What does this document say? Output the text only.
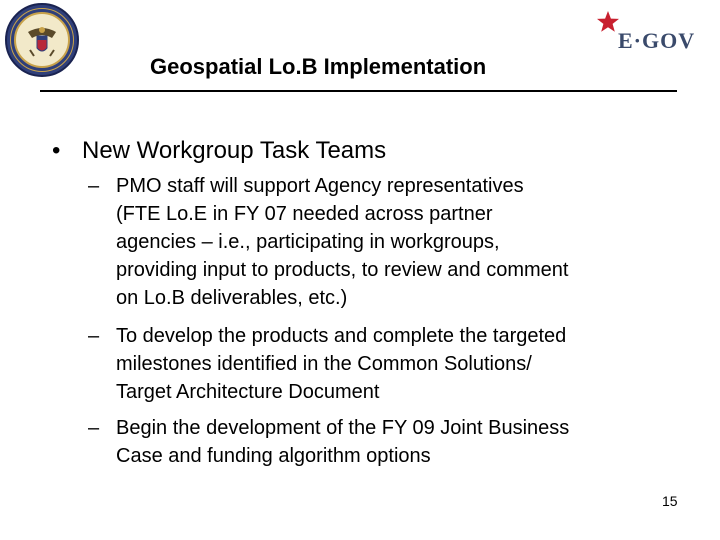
E·GOV
Geospatial Lo.B Implementation
• New Workgroup Task Teams
– PMO staff will support Agency representatives
(FTE Lo.E in FY 07 needed across partner
agencies – i.e., participating in workgroups,
providing input to products, to review and comment
on Lo.B deliverables, etc.)
– To develop the products and complete the targeted
milestones identified in the Common Solutions/
Target Architecture Document
– Begin the development of the FY 09 Joint Business
Case and funding algorithm options
15
